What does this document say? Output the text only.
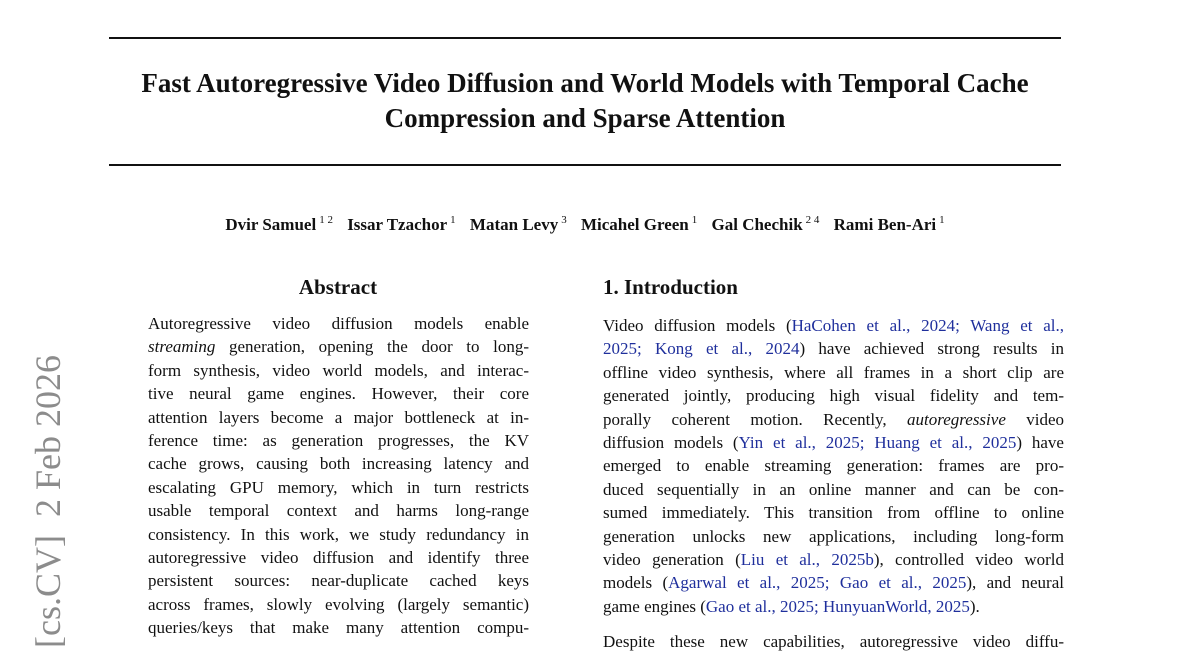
Fast Autoregressive Video Diffusion and World Models with Temporal Cache
Compression and Sparse Attention
Dvir Samuel $^{1 2}$ Issar Tzachor $^1$ Matan Levy $^3$ Micahel Green $^1$ Gal Chechik $^{2 4}$ Rami Ben-Ari $^1$
[cs.CV]  2 Feb 2026
Abstract
Autoregressive video diffusion models enable
streaming generation, opening the door to long-
form synthesis, video world models, and interac-
tive neural game engines. However, their core
attention layers become a major bottleneck at in-
ference time: as generation progresses, the KV
cache grows, causing both increasing latency and
escalating GPU memory, which in turn restricts
usable temporal context and harms long-range
consistency. In this work, we study redundancy in
autoregressive video diffusion and identify three
persistent sources: near-duplicate cached keys
across frames, slowly evolving (largely semantic)
queries/keys that make many attention compu-
1. Introduction
Video diffusion models (HaCohen et al., 2024; Wang et al.,
2025; Kong et al., 2024) have achieved strong results in
offline video synthesis, where all frames in a short clip are
generated jointly, producing high visual fidelity and tem-
porally coherent motion. Recently, autoregressive video
diffusion models (Yin et al., 2025; Huang et al., 2025) have
emerged to enable streaming generation: frames are pro-
duced sequentially in an online manner and can be con-
sumed immediately. This transition from offline to online
generation unlocks new applications, including long-form
video generation (Liu et al., 2025b), controlled video world
models (Agarwal et al., 2025; Gao et al., 2025), and neural
game engines (Gao et al., 2025; HunyuanWorld, 2025).
Despite these new capabilities, autoregressive video diffu-
